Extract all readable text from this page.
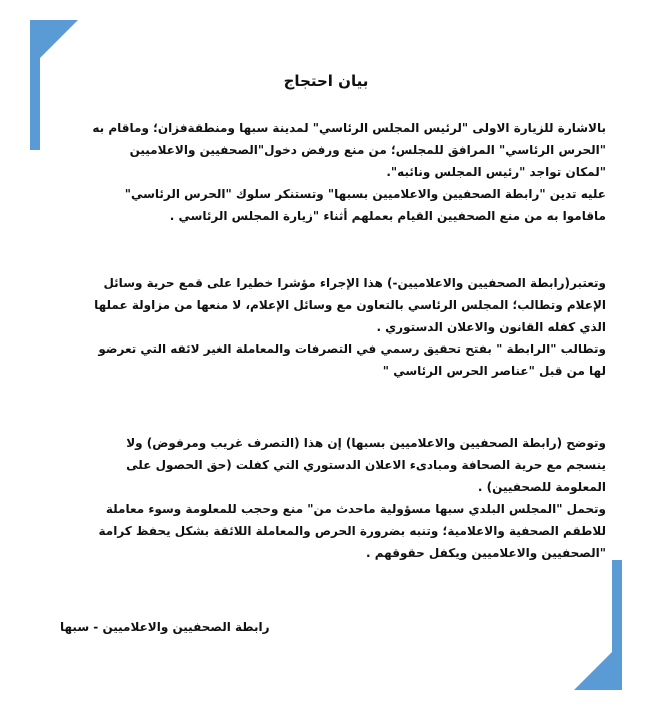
بيان احتجاج

بالاشارة للزيارة الاولى "لرئيس المجلس الرئاسي" لمدينة سبها ومنطقةفزان؛ وماقام به

"الحرس الرئاسي" المرافق للمجلس؛ من منع ورفض دخول"الصحفيين والاعلاميين

"لمكان تواجد "رئيس المجلس ونائبه".

عليه تدين "رابطة الصحفيين والاعلاميين بسبها" وتستنكر سلوك "الحرس الرئاسي"

ماقاموا به من منع الصحفيين القيام بعملهم أثناء "زيارة المجلس الرئاسي .

وتعتبر(رابطة الصحفيين والاعلاميين-) هذا الإجراء مؤشرا خطيرا على قمع حرية وسائل

الإعلام وتطالب؛ المجلس الرئاسي بالتعاون مع وسائل الإعلام، لا منعها من مزاولة عملها

الذي كفله القانون والاعلان الدستوري .

وتطالب "الرابطة " بفتح تحقيق رسمي في التصرفات والمعاملة الغير لائقه التي تعرضو

لها من قبل "عناصر الحرس الرئاسي "

وتوضح (رابطة الصحفيين والاعلاميين بسبها) إن هذا (التصرف غريب ومرفوض) ولا

ينسجم مع حرية الصحافة ومبادىء الاعلان الدستوري التي كفلت (حق الحصول على

المعلومة للصحفيين) .

وتحمل "المجلس البلدي سبها مسؤولية ماحدث من" منع وحجب للمعلومة وسوء معاملة

للاطقم الصحفية والاعلامية؛ وتنبه بضرورة الحرص والمعاملة اللائقة بشكل يحفظ كرامة

"الصحفيين والاعلاميين ويكفل حقوقهم .

رابطة الصحفيين والاعلاميين - سبها
